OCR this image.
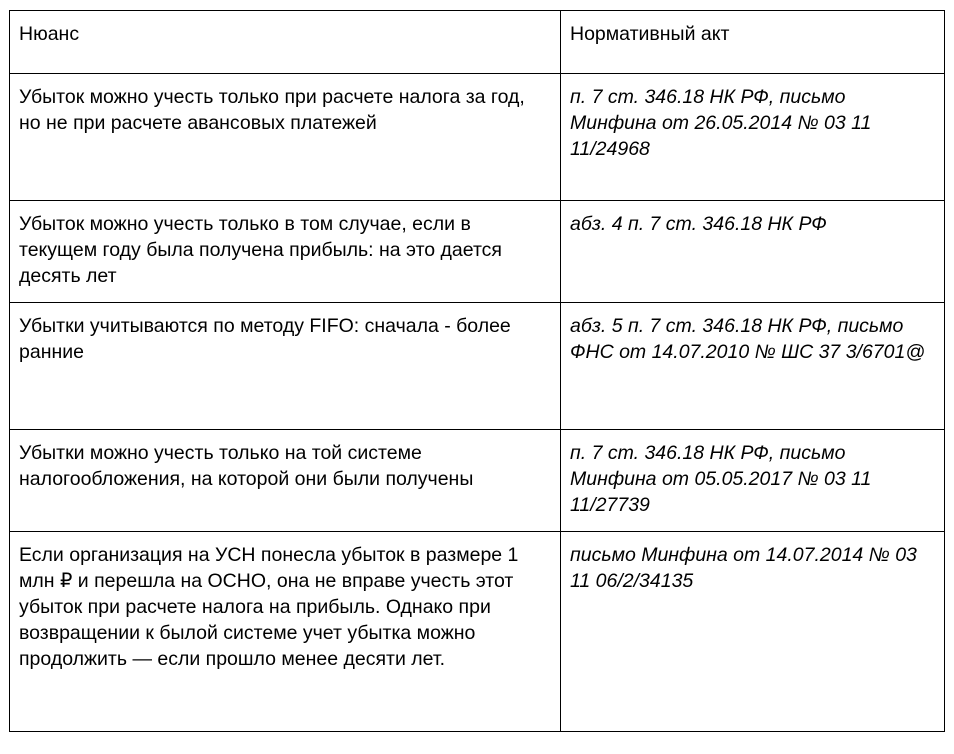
Нюанс	Нормативный акт
Убыток можно учесть только при расчете налога за год, но не при расчете авансовых платежей	п. 7 ст. 346.18 НК РФ, письмо Минфина от 26.05.2014 № 03 11 11/24968
Убыток можно учесть только в том случае, если в текущем году была получена прибыль: на это дается десять лет	абз. 4 п. 7 ст. 346.18 НК РФ
Убытки учитываются по методу FIFO: сначала - более ранние	абз. 5 п. 7 ст. 346.18 НК РФ, письмо ФНС от 14.07.2010 № ШС 37 3/6701@
Убытки можно учесть только на той системе налогообложения, на которой они были получены	п. 7 ст. 346.18 НК РФ, письмо Минфина от 05.05.2017 № 03 11 11/27739
Если организация на УСН понесла убыток в размере 1 млн ₽ и перешла на ОСНО, она не вправе учесть этот убыток при расчете налога на прибыль. Однако при возвращении к былой системе учет убытка можно продолжить — если прошло менее десяти лет.	письмо Минфина от 14.07.2014 № 03 11 06/2/34135
